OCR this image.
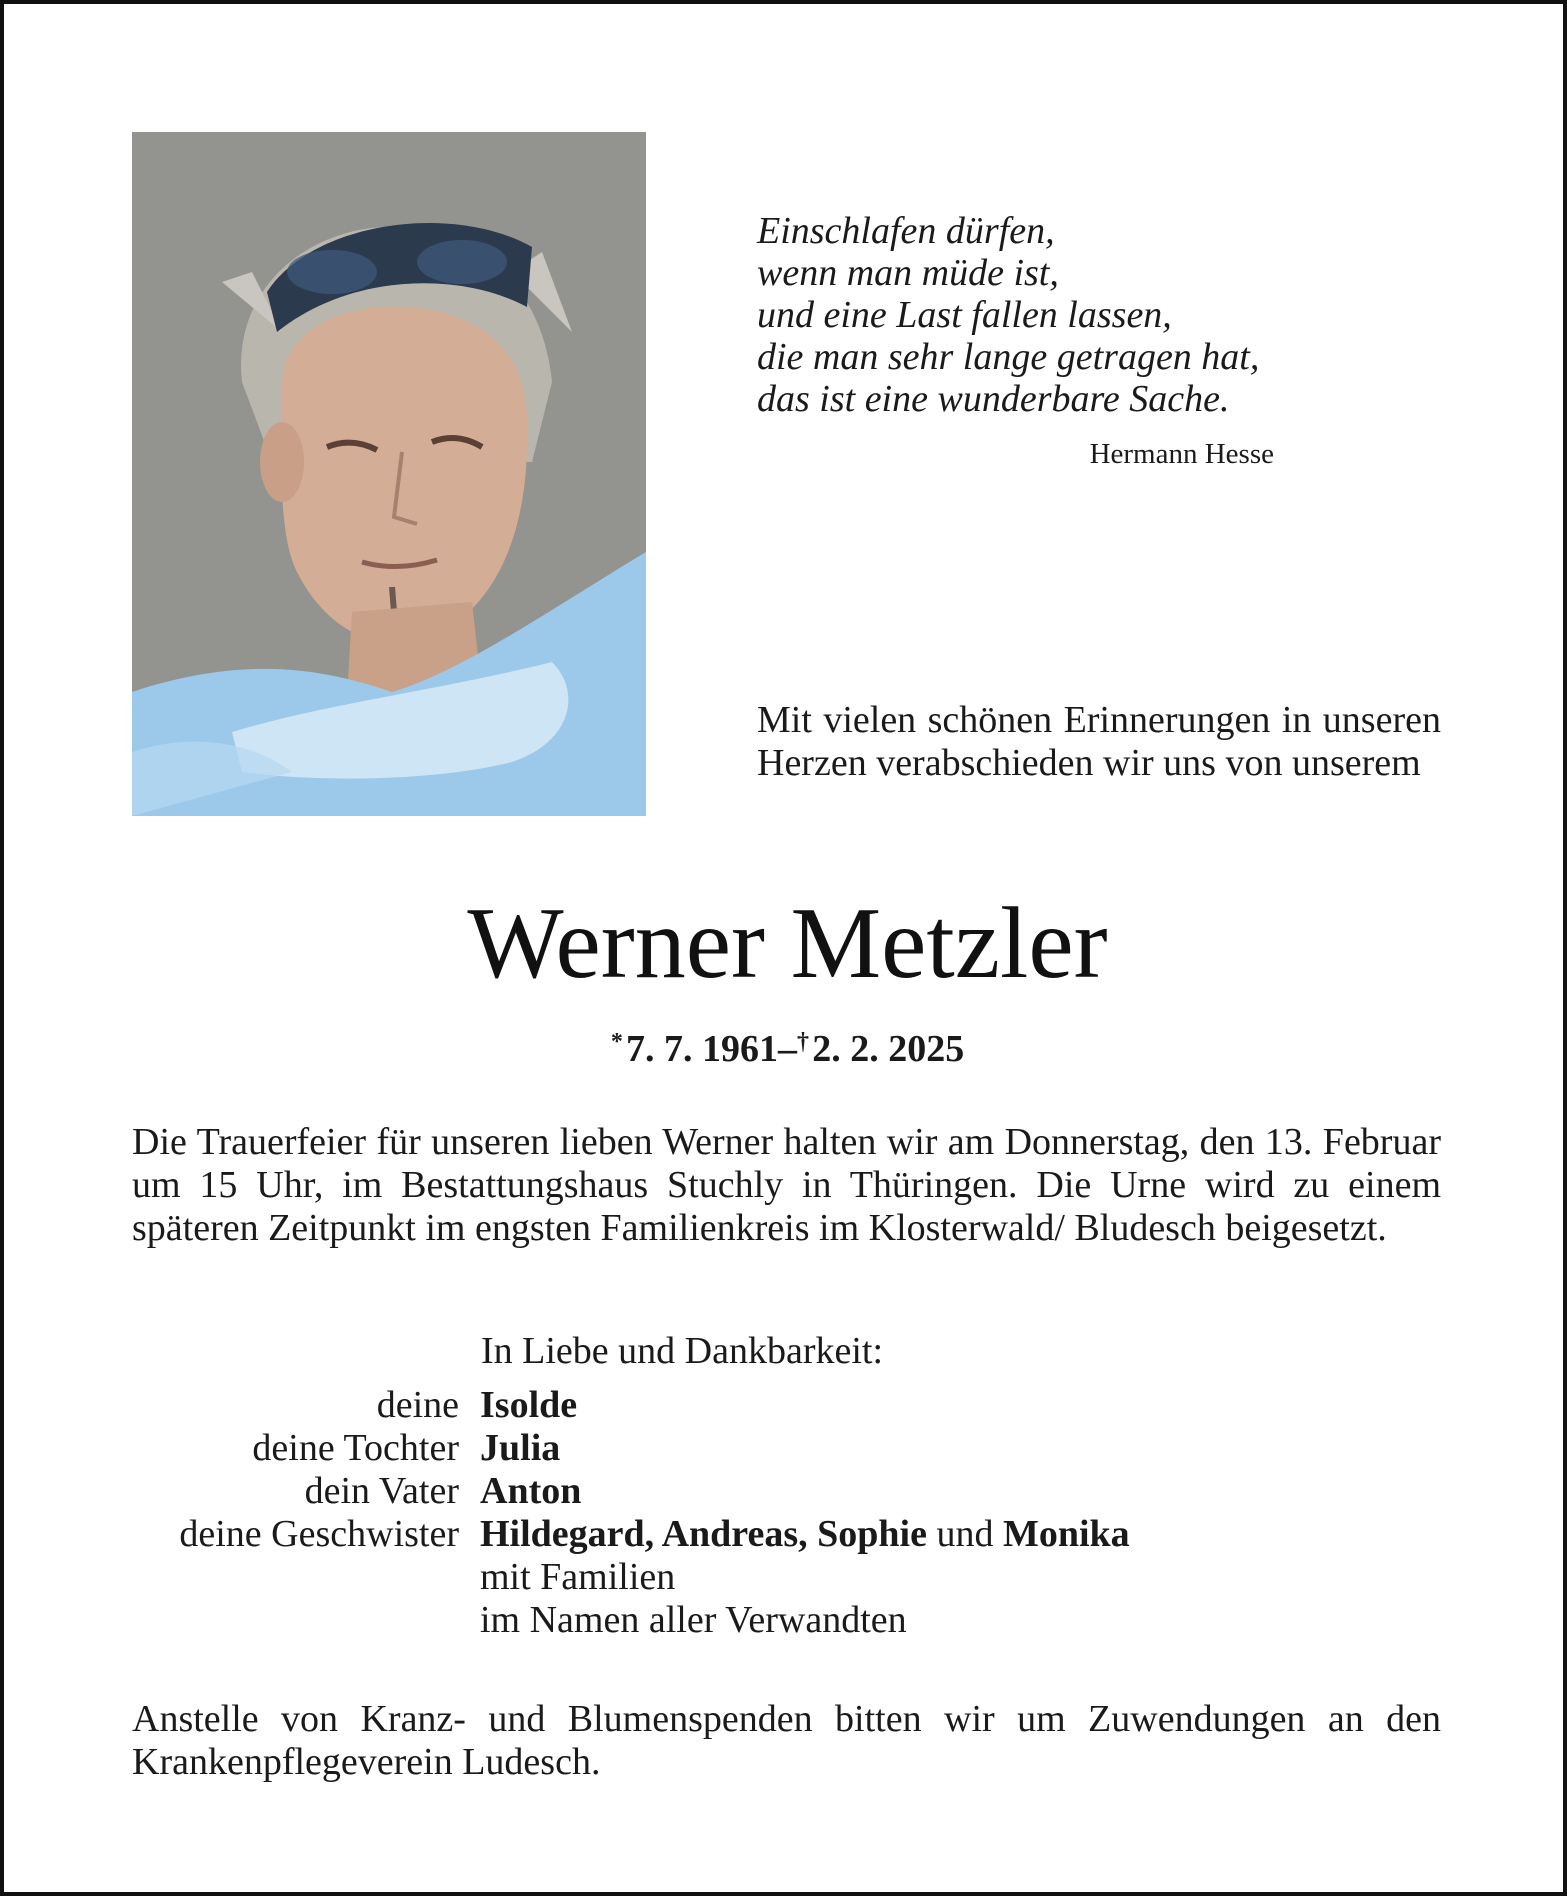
Einschlafen dürfen,
wenn man müde ist,
und eine Last fallen lassen,
die man sehr lange getragen hat,
das ist eine wunderbare Sache.
Hermann Hesse
Mit vielen schönen Erinnerungen in unseren Herzen verabschieden wir uns von unserem
Werner Metzler
* 7. 7. 1961–† 2. 2. 2025
Die Trauerfeier für unseren lieben Werner halten wir am Donnerstag, den 13. Februar um 15 Uhr, im Bestattungshaus Stuchly in Thüringen. Die Urne wird zu einem späteren Zeitpunkt im engsten Familienkreis im Klosterwald/ Bludesch beigesetzt.
In Liebe und Dankbarkeit:
deine Isolde
deine Tochter Julia
dein Vater Anton
deine Geschwister Hildegard, Andreas, Sophie und Monika
mit Familien
im Namen aller Verwandten
Anstelle von Kranz- und Blumenspenden bitten wir um Zuwendungen an den Krankenpflegeverein Ludesch.
